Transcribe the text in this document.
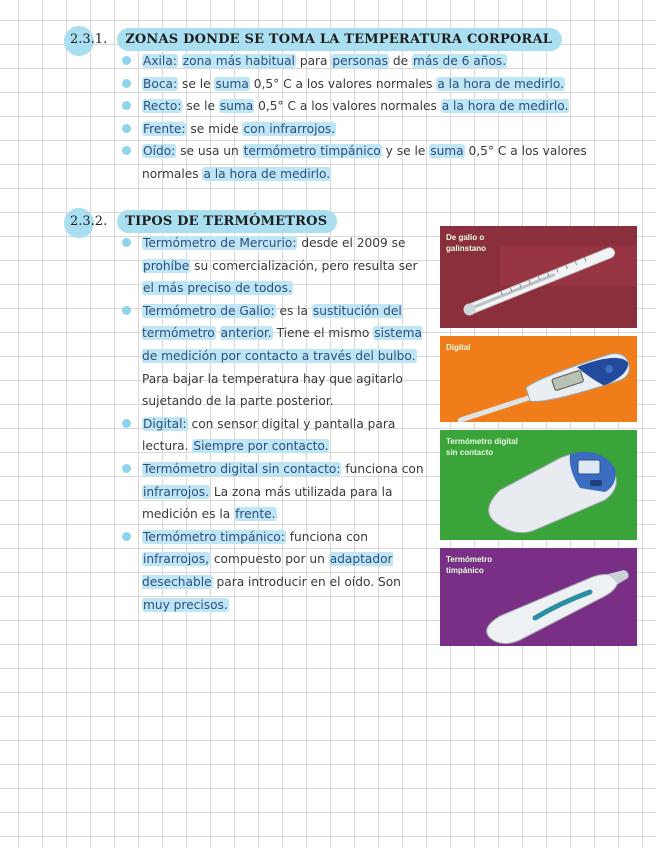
2.3.1.	ZONAS DONDE SE TOMA LA TEMPERATURA CORPORAL
Axila: zona más habitual para personas de más de 6 años.
Boca: se le suma 0,5° C a los valores normales a la hora de medirlo.
Recto: se le suma 0,5° C a los valores normales a la hora de medirlo.
Frente: se mide con infrarrojos.
Oído: se usa un termómetro timpánico y se le suma 0,5° C a los valores normales a la hora de medirlo.
2.3.2.	TIPOS DE TERMÓMETROS
Termómetro de Mercurio: desde el 2009 se prohíbe su comercialización, pero resulta ser el más preciso de todos.
Termómetro de Galio: es la sustitución del termómetro anterior. Tiene el mismo sistema de medición por contacto a través del bulbo. Para bajar la temperatura hay que agitarlo sujetando de la parte posterior.
Digital: con sensor digital y pantalla para lectura. Siempre por contacto.
Termómetro digital sin contacto: funciona con infrarrojos. La zona más utilizada para la medición es la frente.
Termómetro timpánico: funciona con infrarrojos, compuesto por un adaptador desechable para introducir en el oído. Son muy precisos.
De galio o
galinstano
Digital
Termómetro digital
sin contacto
Termómetro
timpánico
